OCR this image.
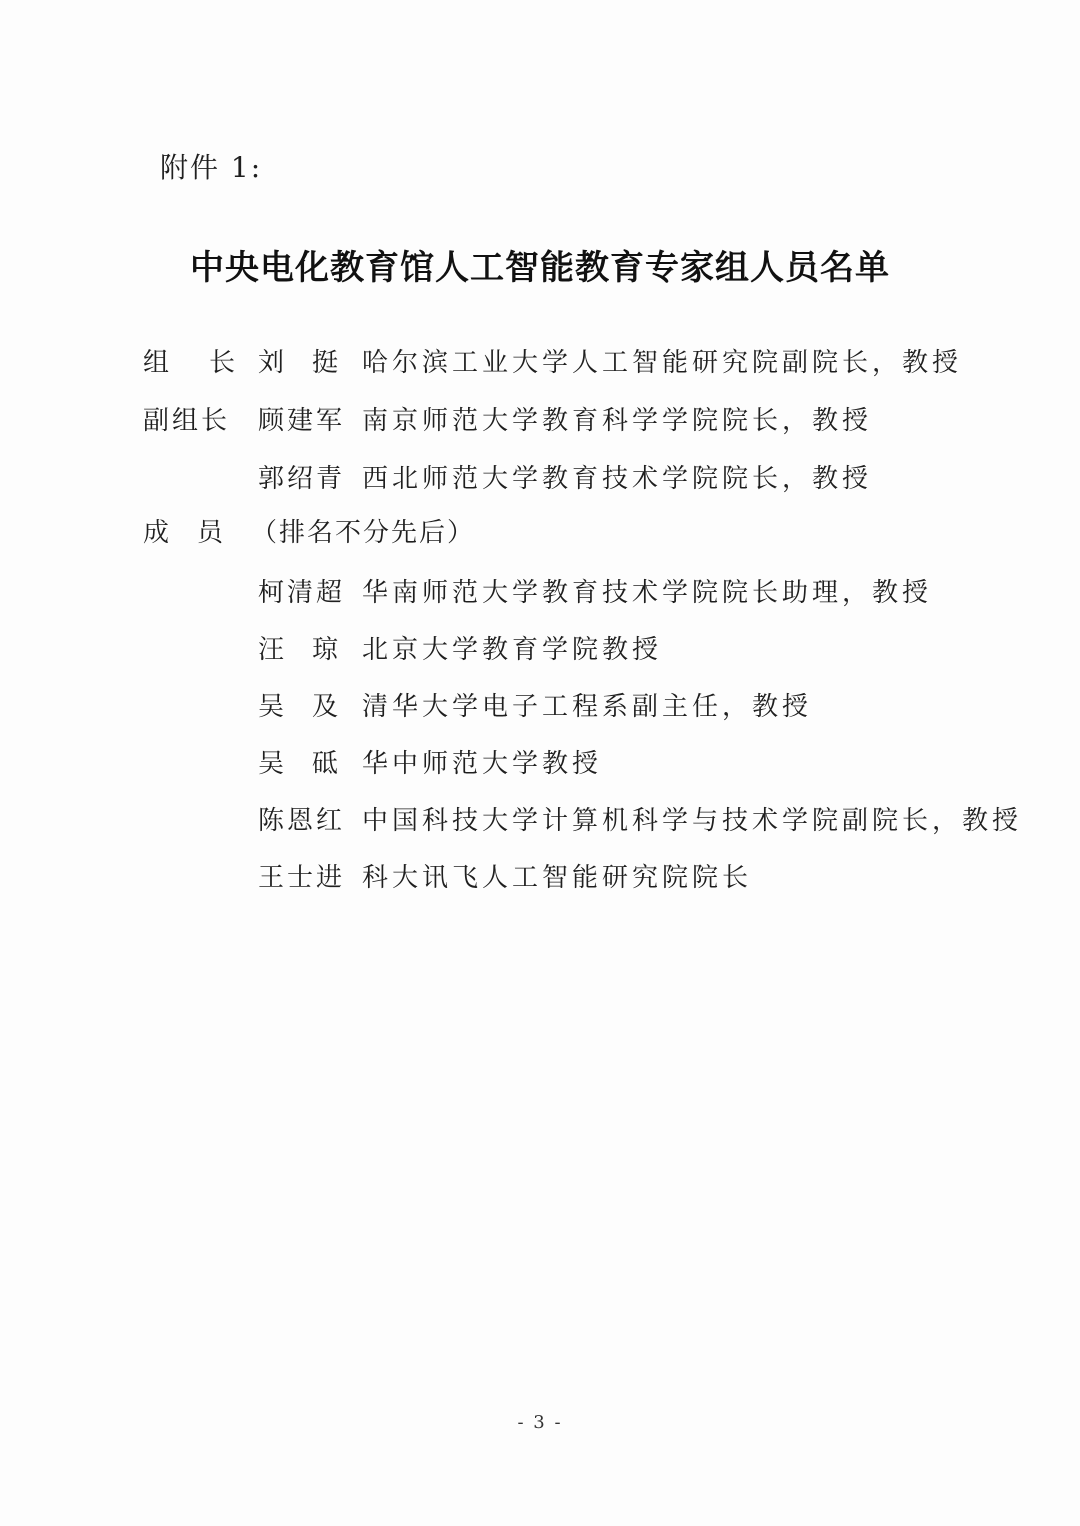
附件 1:
中央电化教育馆人工智能教育专家组人员名单
组长
刘挺
哈尔滨工业大学人工智能研究院副院长，教授
副组长 顾建军 南京师范大学教育科学学院院长，教授
郭绍青 西北师范大学教育技术学院院长，教授
成员（排名不分先后）
柯清超 华南师范大学教育技术学院院长助理，教授
汪琼
北京大学教育学院教授
吴及
清华大学电子工程系副主任，教授
吴砥
华中师范大学教授
陈恩红 中国科技大学计算机科学与技术学院副院长，教授
王士进 科大讯飞人工智能研究院院长
- 3 -
